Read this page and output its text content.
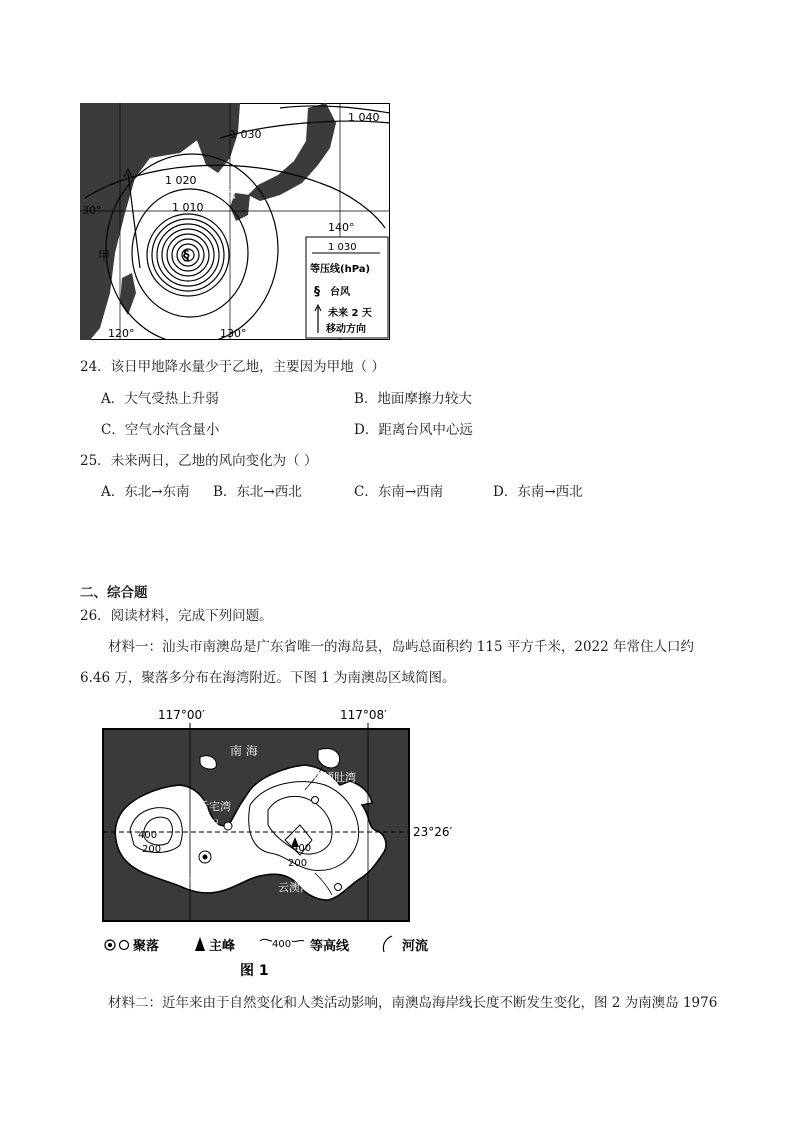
§
1 040
1 030
1 020
1 010
30°
甲
乙
120°	130°
140°
1 030
等压线(hPa)
§ 台风
未来 2 天
移动方向
24．该日甲地降水量少于乙地，主要因为甲地（ ）
A．大气受热上升弱	B．地面摩擦力较大
C．空气水汽含量小	D．距离台风中心远
25．未来两日，乙地的风向变化为（ ）
A．东北→东南 B．东北→西北	C．东南→西南	D．东南→西北
二、综合题
26．阅读材料，完成下列问题。
材料一：汕头市南澳岛是广东省唯一的海岛县，岛屿总面积约 115 平方千米，2022 年常住人口约 6.46 万，聚落多分布在海湾附近。下图 1 为南澳岛区域简图。
117°00′	117°08′
南 海
后宅湾
竹栖肚湾
前江湾	云澳湾
甲
400
200	400
200
23°26′
聚落	主峰	400 等高线	河流
图 1
材料二：近年来由于自然变化和人类活动影响，南澳岛海岸线长度不断发生变化，图 2 为南澳岛 1976
